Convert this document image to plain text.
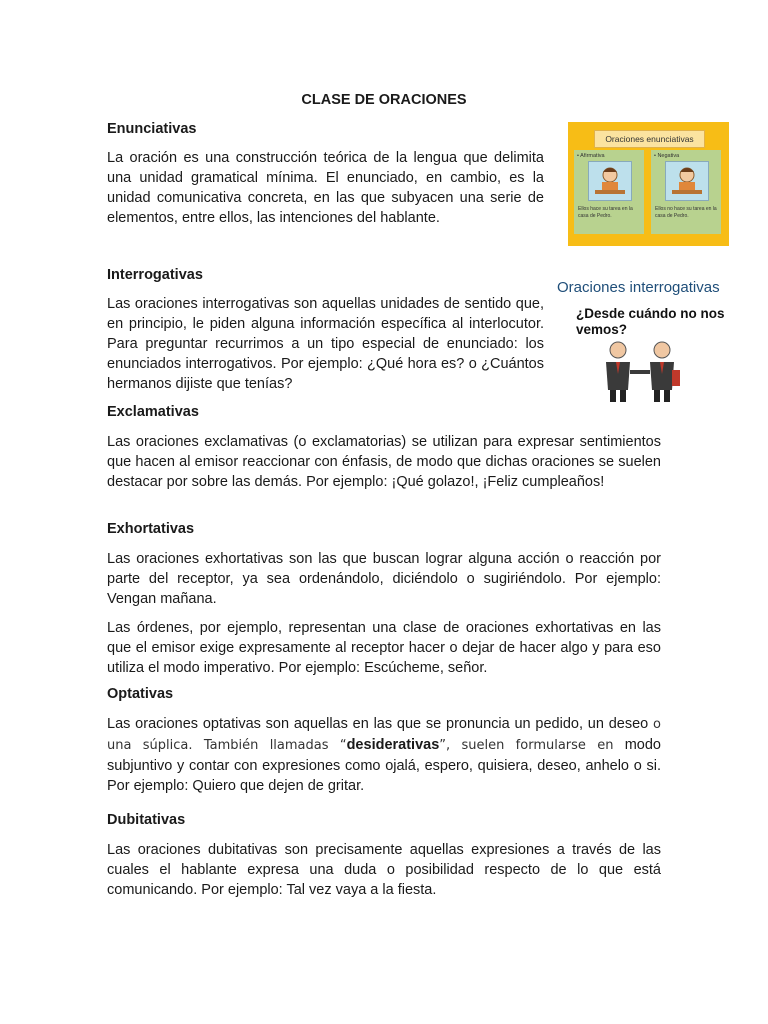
CLASE DE ORACIONES
Enunciativas

La oración es una construcción teórica de la lengua que delimita una unidad gramatical mínima. El enunciado, en cambio, es la unidad comunicativa concreta, en las que subyacen una serie de elementos, entre ellos, las intenciones del hablante.

Oraciones enunciativas
• Afirmativa
Ellos hace su tarea en la casa de Pedro.
• Negativa
Ellos no hace su tarea en la casa de Pedro.
Interrogativas

Las oraciones interrogativas son aquellas unidades de sentido que, en principio, le piden alguna información específica al interlocutor. Para preguntar recurrimos a un tipo especial de enunciado: los enunciados interrogativos. Por ejemplo: ¿Qué hora es? o ¿Cuántos hermanos dijiste que tenías?

Oraciones interrogativas

¿Desde cuándo no nos vemos?

Exclamativas

Las oraciones exclamativas (o exclamatorias) se utilizan para expresar sentimientos que hacen al emisor reaccionar con énfasis, de modo que dichas oraciones se suelen destacar por sobre las demás. Por ejemplo: ¡Qué golazo!, ¡Feliz cumpleaños!

Exhortativas

Las oraciones exhortativas son las que buscan lograr alguna acción o reacción por parte del receptor, ya sea ordenándolo, diciéndolo o sugiriéndolo. Por ejemplo: Vengan mañana.

Las órdenes, por ejemplo, representan una clase de oraciones exhortativas en las que el emisor exige expresamente al receptor hacer o dejar de hacer algo y para eso utiliza el modo imperativo. Por ejemplo: Escúcheme, señor.

Optativas

Las oraciones optativas son aquellas en las que se pronuncia un pedido, un deseo o una súplica. También llamadas “desiderativas”, suelen formularse en modo subjuntivo y contar con expresiones como ojalá, espero, quisiera, deseo, anhelo o si. Por ejemplo: Quiero que dejen de gritar.

Dubitativas

Las oraciones dubitativas son precisamente aquellas expresiones a través de las cuales el hablante expresa una duda o posibilidad respecto de lo que está comunicando. Por ejemplo: Tal vez vaya a la fiesta.
